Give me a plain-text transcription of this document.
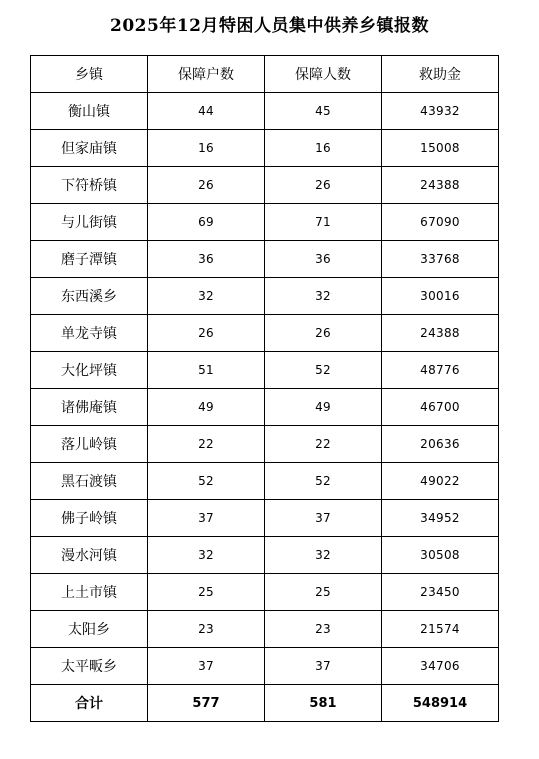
2025年12月特困人员集中供养乡镇报数
乡镇	保障户数	保障人数	救助金
衡山镇	44	45	43932
但家庙镇	16	16	15008
下符桥镇	26	26	24388
与儿街镇	69	71	67090
磨子潭镇	36	36	33768
东西溪乡	32	32	30016
单龙寺镇	26	26	24388
大化坪镇	51	52	48776
诸佛庵镇	49	49	46700
落儿岭镇	22	22	20636
黑石渡镇	52	52	49022
佛子岭镇	37	37	34952
漫水河镇	32	32	30508
上土市镇	25	25	23450
太阳乡	23	23	21574
太平畈乡	37	37	34706
合计	577	581	548914
